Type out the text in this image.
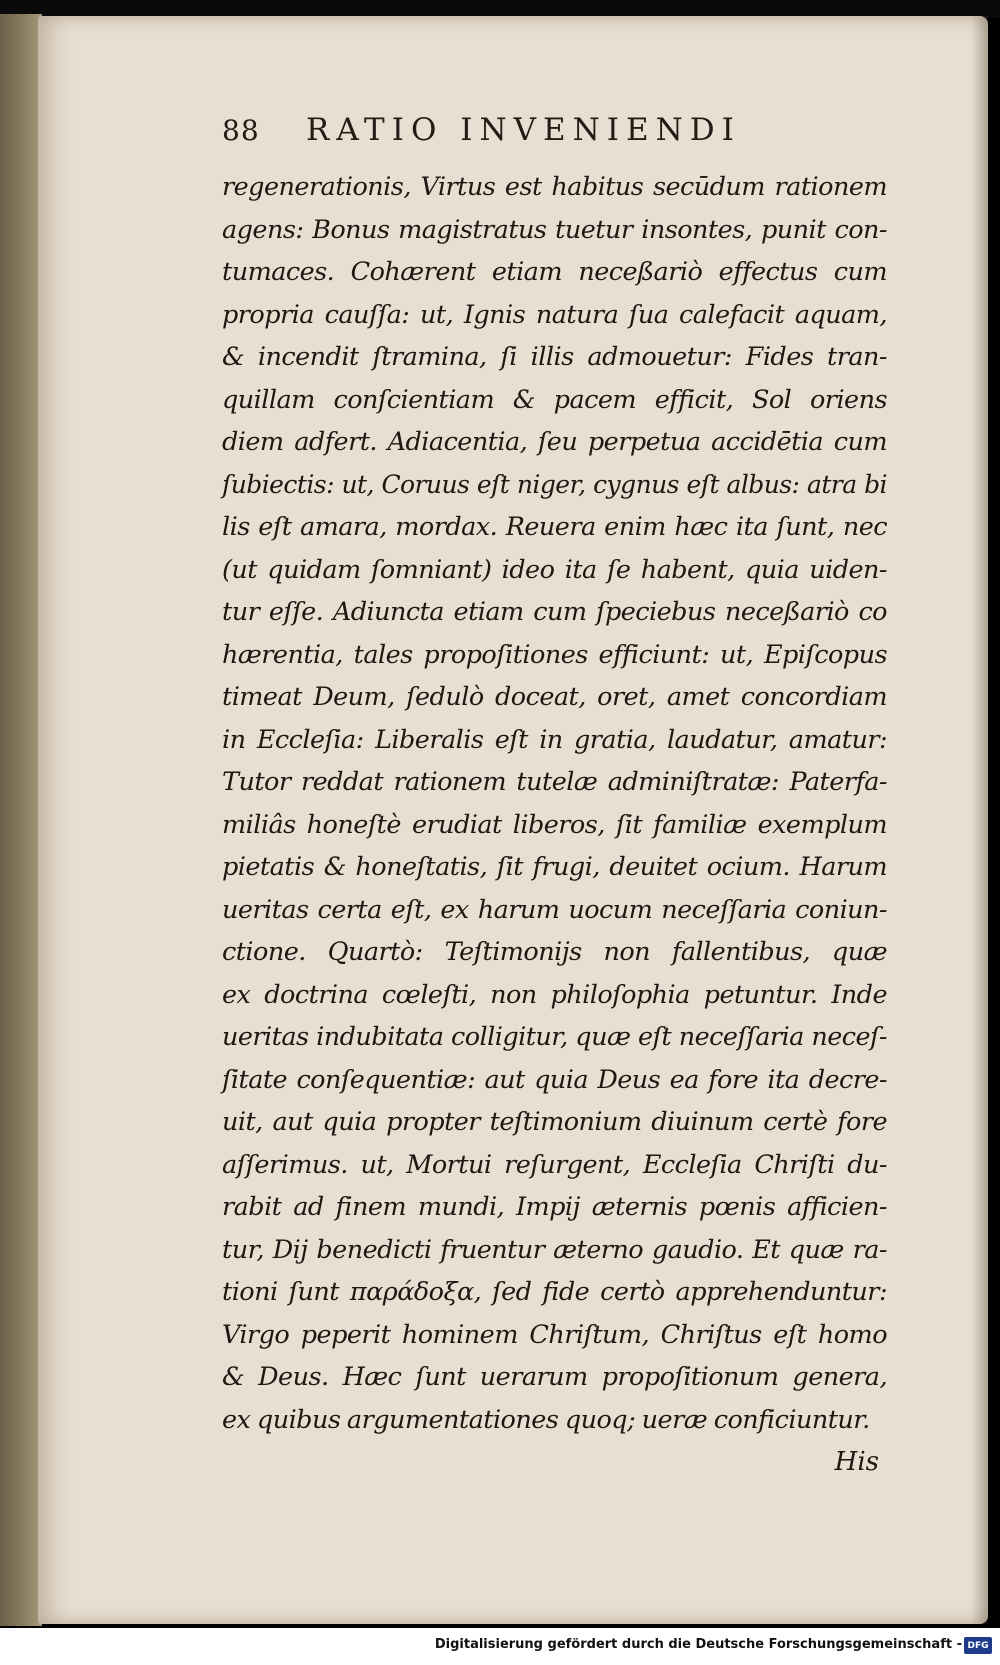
88	RATIO INVENIENDI
regenerationis, Virtus est habitus secūdum rationem
agens: Bonus magistratus tuetur insontes, punit con-
tumaces. Cohærent etiam neceßariò effectus cum
propria cauſſa: ut, Ignis natura ſua calefacit aquam,
& incendit ſtramina, ſi illis admouetur: Fides tran-
quillam conſcientiam & pacem efficit, Sol oriens
diem adfert. Adiacentia, ſeu perpetua accidētia cum
ſubiectis: ut, Coruus eſt niger, cygnus eſt albus: atra bi
lis eſt amara, mordax. Reuera enim hæc ita ſunt, nec
(ut quidam ſomniant) ideo ita ſe habent, quia uiden-
tur eſſe. Adiuncta etiam cum ſpeciebus neceßariò co
hærentia, tales propoſitiones efficiunt: ut, Epiſcopus
timeat Deum, ſedulò doceat, oret, amet concordiam
in Eccleſia: Liberalis eſt in gratia, laudatur, amatur:
Tutor reddat rationem tutelæ adminiſtratæ: Paterfa-
miliâs honeſtè erudiat liberos, ſit familiæ exemplum
pietatis & honeſtatis, ſit frugi, deuitet ocium. Harum
ueritas certa eſt, ex harum uocum neceſſaria coniun-
ctione. Quartò: Teſtimonijs non fallentibus, quæ
ex doctrina cœleſti, non philoſophia petuntur. Inde
ueritas indubitata colligitur, quæ eſt neceſſaria neceſ-
ſitate conſequentiæ: aut quia Deus ea fore ita decre-
uit, aut quia propter teſtimonium diuinum certè fore
aſſerimus. ut, Mortui reſurgent, Eccleſia Chriſti du-
rabit ad finem mundi, Impij æternis pœnis afficien-
tur, Dij benedicti fruentur æterno gaudio. Et quæ ra-
tioni ſunt παράδοξα, ſed fide certò apprehenduntur:
Virgo peperit hominem Chriſtum, Chriſtus eſt homo
& Deus. Hæc ſunt uerarum propoſitionum genera,
ex quibus argumentationes quoq; ueræ conficiuntur.
His
Digitalisierung gefördert durch die Deutsche Forschungsgemeinschaft - DFG
